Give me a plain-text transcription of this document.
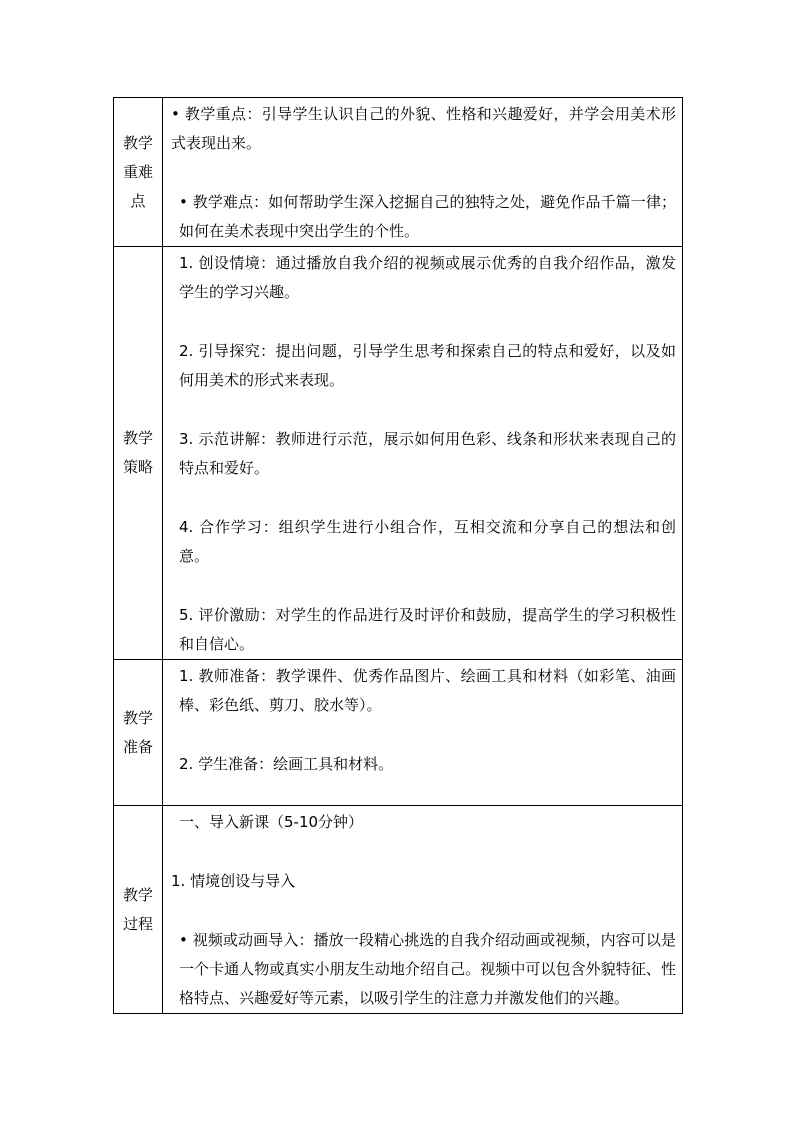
教学重难点	• 教学重点：引导学生认识自己的外貌、性格和兴趣爱好，并学会用美术形式表现出来。

• 教学难点：如何帮助学生深入挖掘自己的独特之处，避免作品千篇一律；如何在美术表现中突出学生的个性。

教学策略	1. 创设情境：通过播放自我介绍的视频或展示优秀的自我介绍作品，激发学生的学习兴趣。

2. 引导探究：提出问题，引导学生思考和探索自己的特点和爱好，以及如何用美术的形式来表现。

3. 示范讲解：教师进行示范，展示如何用色彩、线条和形状来表现自己的特点和爱好。

4. 合作学习：组织学生进行小组合作，互相交流和分享自己的想法和创意。

5. 评价激励：对学生的作品进行及时评价和鼓励，提高学生的学习积极性和自信心。

教学准备	1. 教师准备：教学课件、优秀作品图片、绘画工具和材料（如彩笔、油画棒、彩色纸、剪刀、胶水等）。

2. 学生准备：绘画工具和材料。

教学过程	一、导入新课（5-10分钟）

1. 情境创设与导入

• 视频或动画导入：播放一段精心挑选的自我介绍动画或视频，内容可以是一个卡通人物或真实小朋友生动地介绍自己。视频中可以包含外貌特征、性格特点、兴趣爱好等元素，以吸引学生的注意力并激发他们的兴趣。
